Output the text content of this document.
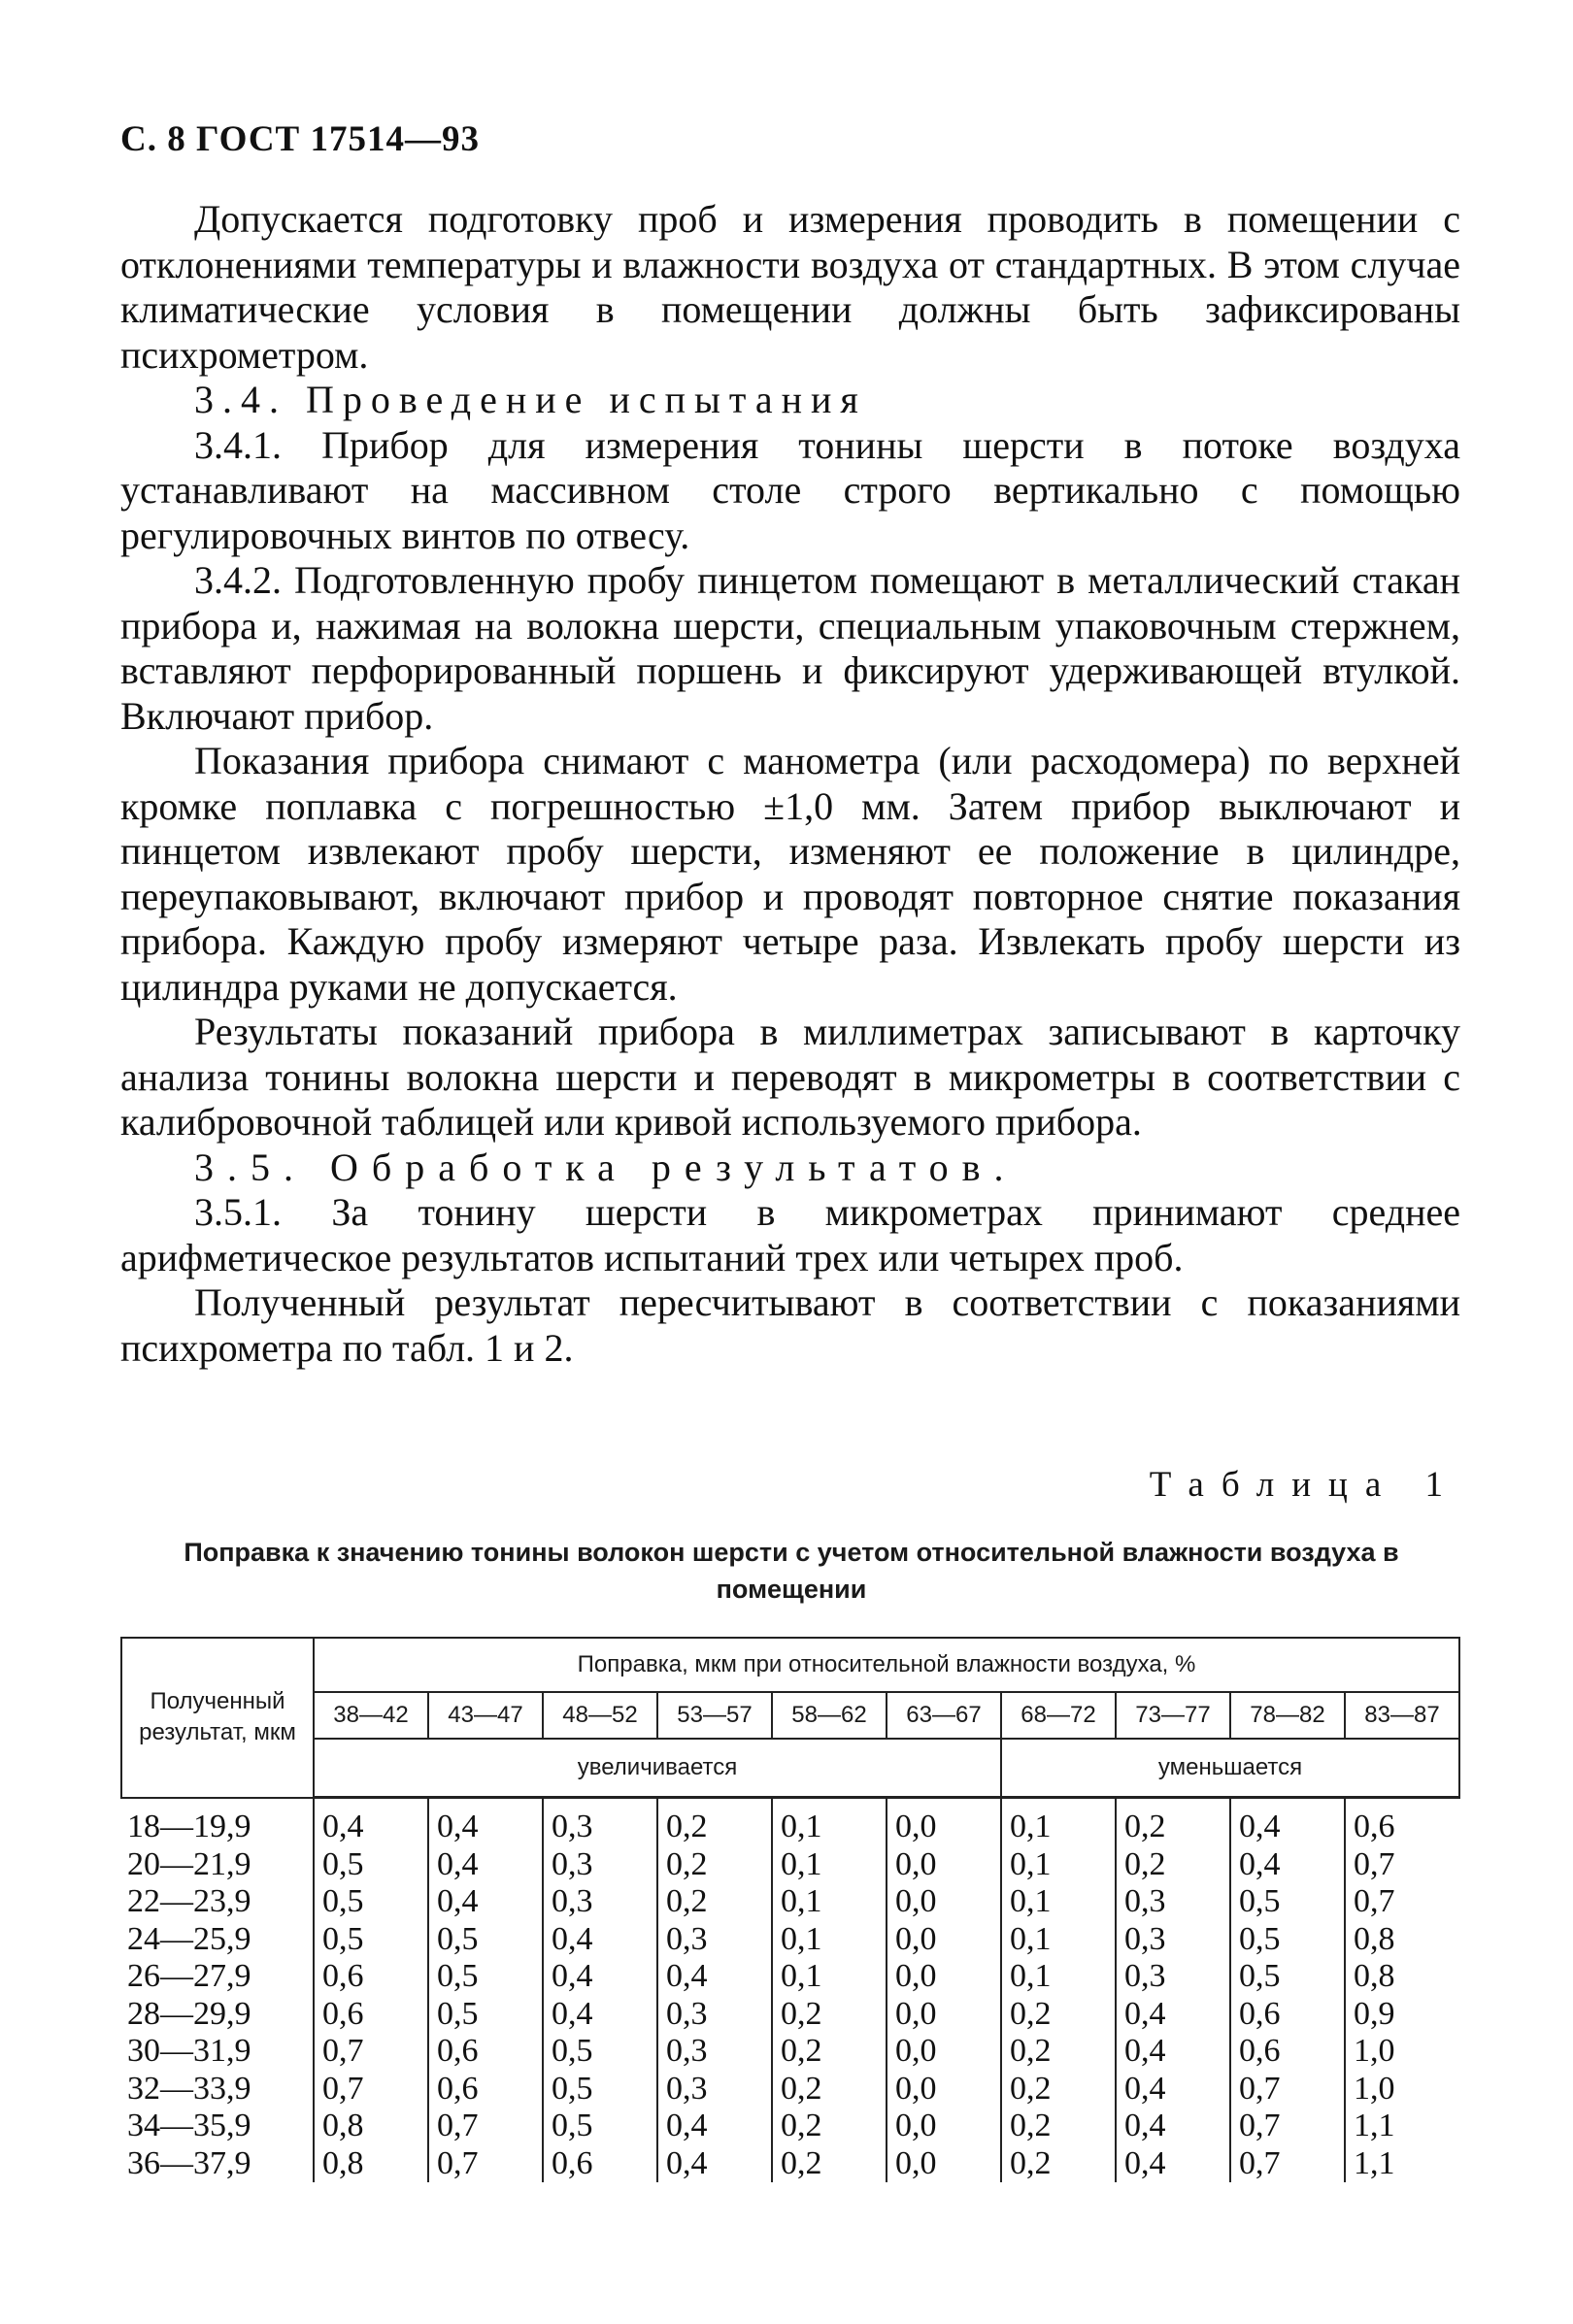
С. 8 ГОСТ 17514—93

Допускается подготовку проб и измерения проводить в помещении с отклонениями температуры и влажности воздуха от стандартных. В этом случае климатические условия в помещении должны быть зафиксированы психрометром.

3.4. Проведение испытания

3.4.1. Прибор для измерения тонины шерсти в потоке воздуха устанавливают на массивном столе строго вертикально с помощью регулировочных винтов по отвесу.

3.4.2. Подготовленную пробу пинцетом помещают в металлический стакан прибора и, нажимая на волокна шерсти, специальным упаковочным стержнем, вставляют перфорированный поршень и фиксируют удерживающей втулкой. Включают прибор.

Показания прибора снимают с манометра (или расходомера) по верхней кромке поплавка с погрешностью ±1,0 мм. Затем прибор выключают и пинцетом извлекают пробу шерсти, изменяют ее положение в цилиндре, переупаковывают, включают прибор и проводят повторное снятие показания прибора. Каждую пробу измеряют четыре раза. Извлекать пробу шерсти из цилиндра руками не допускается.

Результаты показаний прибора в миллиметрах записывают в карточку анализа тонины волокна шерсти и переводят в микрометры в соответствии с калибровочной таблицей или кривой используемого прибора.

3.5. Обработка результатов.

3.5.1. За тонину шерсти в микрометрах принимают среднее арифметическое результатов испытаний трех или четырех проб.

Полученный результат пересчитывают в соответствии с показаниями психрометра по табл. 1 и 2.

Таблица 1
Поправка к значению тонины волокон шерсти с учетом относительной влажности воздуха в помещении
Полученный результат, мкм	Поправка, мкм при относительной влажности воздуха, %									
	38—42	43—47	48—52	53—57	58—62	63—67	68—72	73—77	78—82	83—87
	увеличивается						уменьшается			
18—19,9	0,4	0,4	0,3	0,2	0,1	0,0	0,1	0,2	0,4	0,6
20—21,9	0,5	0,4	0,3	0,2	0,1	0,0	0,1	0,2	0,4	0,7
22—23,9	0,5	0,4	0,3	0,2	0,1	0,0	0,1	0,3	0,5	0,7
24—25,9	0,5	0,5	0,4	0,3	0,1	0,0	0,1	0,3	0,5	0,8
26—27,9	0,6	0,5	0,4	0,4	0,1	0,0	0,1	0,3	0,5	0,8
28—29,9	0,6	0,5	0,4	0,3	0,2	0,0	0,2	0,4	0,6	0,9
30—31,9	0,7	0,6	0,5	0,3	0,2	0,0	0,2	0,4	0,6	1,0
32—33,9	0,7	0,6	0,5	0,3	0,2	0,0	0,2	0,4	0,7	1,0
34—35,9	0,8	0,7	0,5	0,4	0,2	0,0	0,2	0,4	0,7	1,1
36—37,9	0,8	0,7	0,6	0,4	0,2	0,0	0,2	0,4	0,7	1,1
